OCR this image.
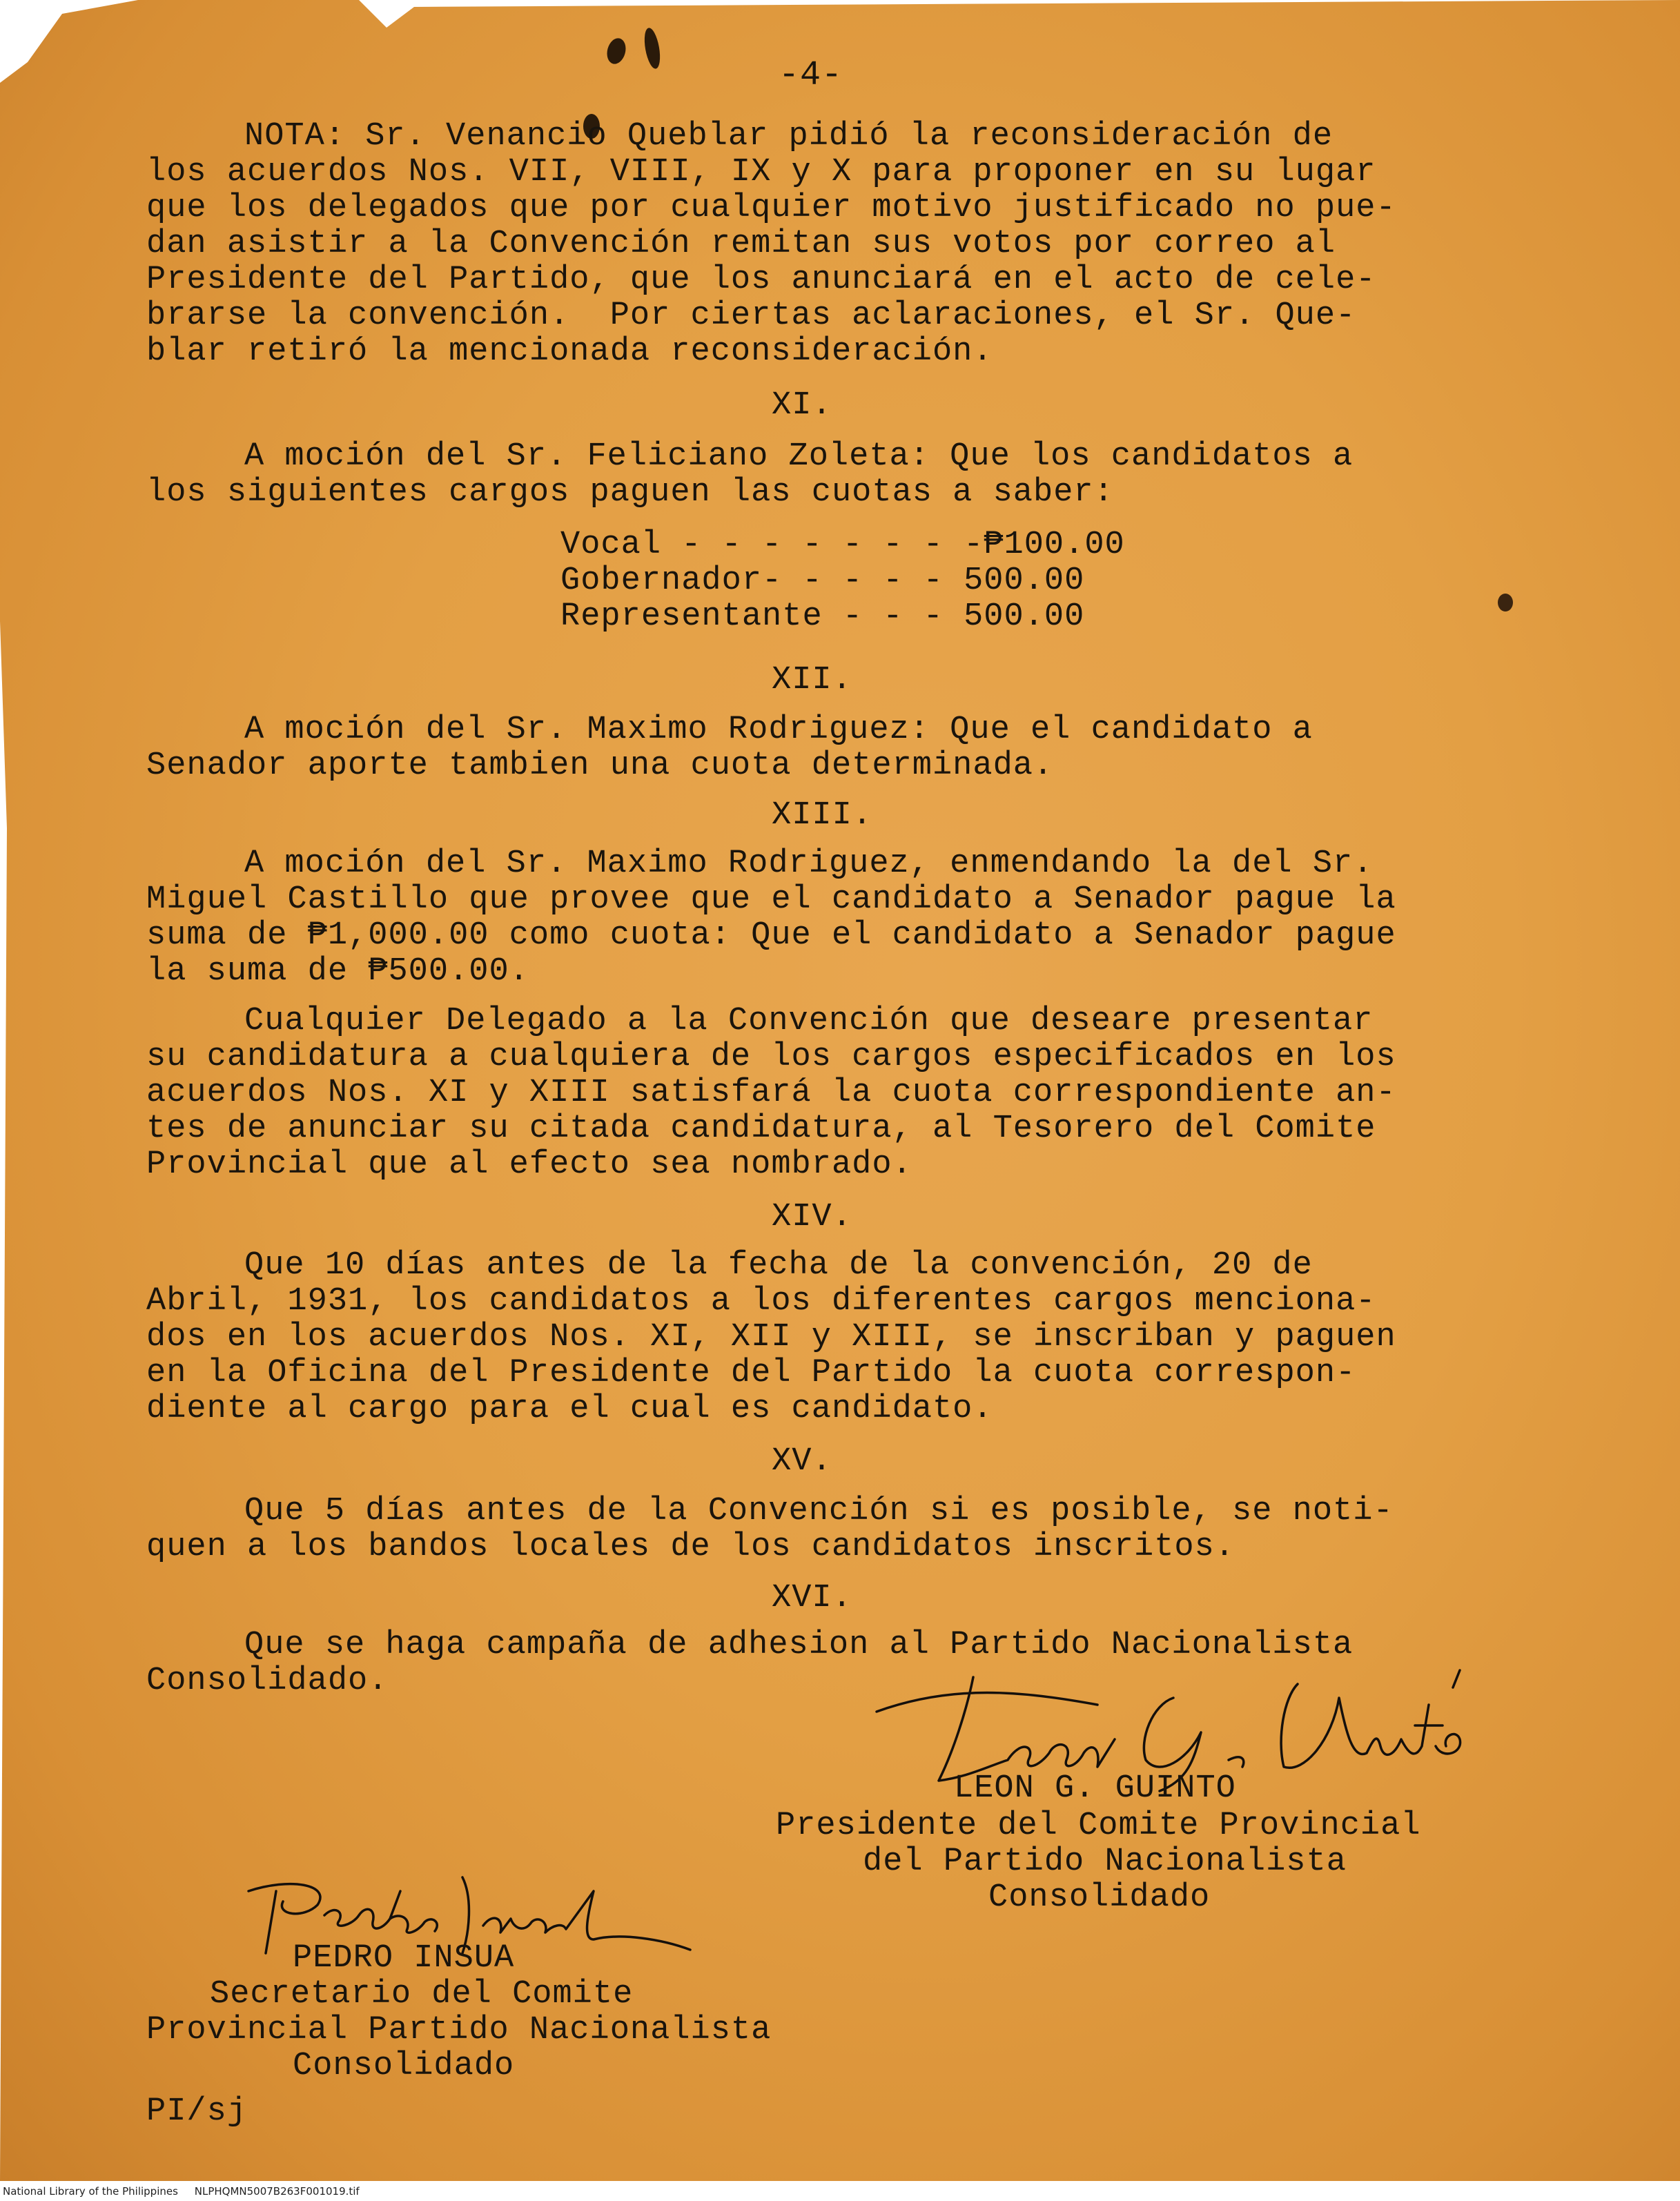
-4-
NOTA: Sr. Venancio Queblar pidió la reconsideración de
los acuerdos Nos. VII, VIII, IX y X para proponer en su lugar
que los delegados que por cualquier motivo justificado no pue-
dan asistir a la Convención remitan sus votos por correo al
Presidente del Partido, que los anunciará en el acto de cele-
brarse la convención.  Por ciertas aclaraciones, el Sr. Que-
blar retiró la mencionada reconsideración.
XI.
A moción del Sr. Feliciano Zoleta: Que los candidatos a
los siguientes cargos paguen las cuotas a saber:
Vocal - - - - - - - -₱100.00
Gobernador- - - - - 500.00
Representante - - - 500.00
XII.
A moción del Sr. Maximo Rodriguez: Que el candidato a
Senador aporte tambien una cuota determinada.
XIII.
A moción del Sr. Maximo Rodriguez, enmendando la del Sr.
Miguel Castillo que provee que el candidato a Senador pague la
suma de ₱1,000.00 como cuota: Que el candidato a Senador pague
la suma de ₱500.00.
Cualquier Delegado a la Convención que deseare presentar
su candidatura a cualquiera de los cargos especificados en los
acuerdos Nos. XI y XIII satisfará la cuota correspondiente an-
tes de anunciar su citada candidatura, al Tesorero del Comite
Provincial que al efecto sea nombrado.
XIV.
Que 10 días antes de la fecha de la convención, 20 de
Abril, 1931, los candidatos a los diferentes cargos menciona-
dos en los acuerdos Nos. XI, XII y XIII, se inscriban y paguen
en la Oficina del Presidente del Partido la cuota correspon-
diente al cargo para el cual es candidato.
XV.
Que 5 días antes de la Convención si es posible, se noti-
quen a los bandos locales de los candidatos inscritos.
XVI.
Que se haga campaña de adhesion al Partido Nacionalista
Consolidado.
LEON G. GUINTO
Presidente del Comite Provincial
del Partido Nacionalista
Consolidado
PEDRO INSUA
Secretario del Comite
Provincial Partido Nacionalista
Consolidado
PI/sj
National Library of the Philippines     NLPHQMN5007B263F001019.tif
